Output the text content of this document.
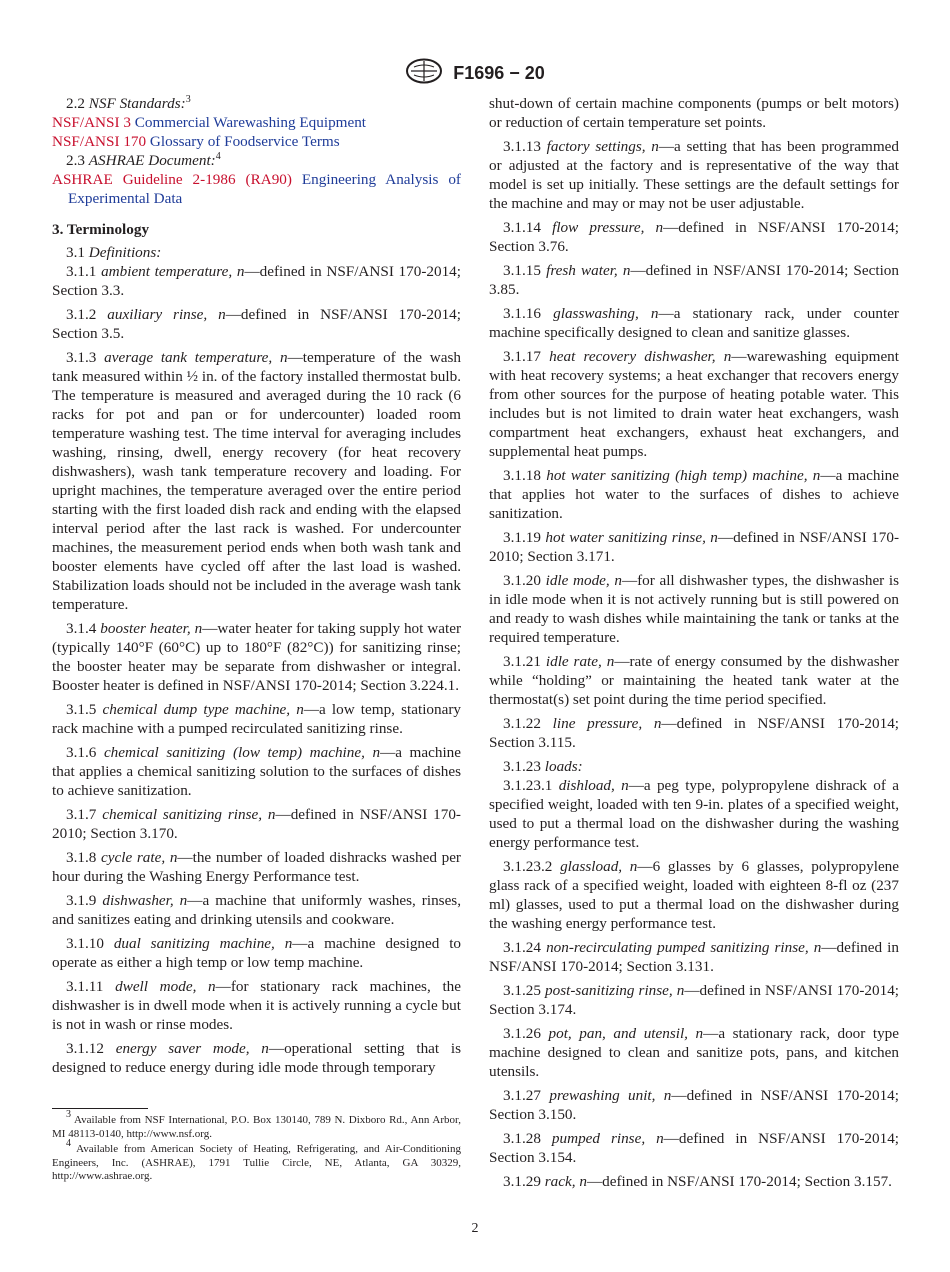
F1696 − 20

2.2 NSF Standards:$^3$

NSF/ANSI 3 Commercial Warewashing Equipment

NSF/ANSI 170 Glossary of Foodservice Terms

2.3 ASHRAE Document:$^4$

ASHRAE Guideline 2-1986 (RA90) Engineering Analysis of Experimental Data

3. Terminology

3.1 Definitions:

3.1.1 ambient temperature, n—defined in NSF/ANSI 170-2014; Section 3.3.

3.1.2 auxiliary rinse, n—defined in NSF/ANSI 170-2014; Section 3.5.

3.1.3 average tank temperature, n—temperature of the wash tank measured within ½ in. of the factory installed thermostat bulb. The temperature is measured and averaged during the 10 rack (6 racks for pot and pan or for undercounter) loaded room temperature washing test. The time interval for averaging includes washing, rinsing, dwell, energy recovery (for heat recovery dishwashers), wash tank temperature recovery and loading. For upright machines, the temperature averaged over the entire period starting with the first loaded dish rack and ending with the elapsed interval period after the last rack is washed. For undercounter machines, the measurement period ends when both wash tank and booster elements have cycled off after the last load is washed. Stabilization loads should not be included in the average wash tank temperature.

3.1.4 booster heater, n—water heater for taking supply hot water (typically 140°F (60°C) up to 180°F (82°C)) for sanitizing rinse; the booster heater may be separate from dishwasher or integral. Booster heater is defined in NSF/ANSI 170-2014; Section 3.224.1.

3.1.5 chemical dump type machine, n—a low temp, stationary rack machine with a pumped recirculated sanitizing rinse.

3.1.6 chemical sanitizing (low temp) machine, n—a machine that applies a chemical sanitizing solution to the surfaces of dishes to achieve sanitization.

3.1.7 chemical sanitizing rinse, n—defined in NSF/ANSI 170-2010; Section 3.170.

3.1.8 cycle rate, n—the number of loaded dishracks washed per hour during the Washing Energy Performance test.

3.1.9 dishwasher, n—a machine that uniformly washes, rinses, and sanitizes eating and drinking utensils and cookware.

3.1.10 dual sanitizing machine, n—a machine designed to operate as either a high temp or low temp machine.

3.1.11 dwell mode, n—for stationary rack machines, the dishwasher is in dwell mode when it is actively running a cycle but is not in wash or rinse modes.

3.1.12 energy saver mode, n—operational setting that is designed to reduce energy during idle mode through temporary

3 Available from NSF International, P.O. Box 130140, 789 N. Dixboro Rd., Ann Arbor, MI 48113-0140, http://www.nsf.org.

4 Available from American Society of Heating, Refrigerating, and Air-Conditioning Engineers, Inc. (ASHRAE), 1791 Tullie Circle, NE, Atlanta, GA 30329, http://www.ashrae.org.

shut-down of certain machine components (pumps or belt motors) or reduction of certain temperature set points.

3.1.13 factory settings, n—a setting that has been programmed or adjusted at the factory and is representative of the way that model is set up initially. These settings are the default settings for the machine and may or may not be user adjustable.

3.1.14 flow pressure, n—defined in NSF/ANSI 170-2014; Section 3.76.

3.1.15 fresh water, n—defined in NSF/ANSI 170-2014; Section 3.85.

3.1.16 glasswashing, n—a stationary rack, under counter machine specifically designed to clean and sanitize glasses.

3.1.17 heat recovery dishwasher, n—warewashing equipment with heat recovery systems; a heat exchanger that recovers energy from other sources for the purpose of heating potable water. This includes but is not limited to drain water heat exchangers, wash compartment heat exchangers, exhaust heat exchangers, and supplemental heat pumps.

3.1.18 hot water sanitizing (high temp) machine, n—a machine that applies hot water to the surfaces of dishes to achieve sanitization.

3.1.19 hot water sanitizing rinse, n—defined in NSF/ANSI 170-2010; Section 3.171.

3.1.20 idle mode, n—for all dishwasher types, the dishwasher is in idle mode when it is not actively running but is still powered on and ready to wash dishes while maintaining the tank or tanks at the required temperature.

3.1.21 idle rate, n—rate of energy consumed by the dishwasher while “holding” or maintaining the heated tank water at the thermostat(s) set point during the time period specified.

3.1.22 line pressure, n—defined in NSF/ANSI 170-2014; Section 3.115.

3.1.23 loads:

3.1.23.1 dishload, n—a peg type, polypropylene dishrack of a specified weight, loaded with ten 9-in. plates of a specified weight, used to put a thermal load on the dishwasher during the washing energy performance test.

3.1.23.2 glassload, n—6 glasses by 6 glasses, polypropylene glass rack of a specified weight, loaded with eighteen 8-fl oz (237 ml) glasses, used to put a thermal load on the dishwasher during the washing energy performance test.

3.1.24 non-recirculating pumped sanitizing rinse, n—defined in NSF/ANSI 170-2014; Section 3.131.

3.1.25 post-sanitizing rinse, n—defined in NSF/ANSI 170-2014; Section 3.174.

3.1.26 pot, pan, and utensil, n—a stationary rack, door type machine designed to clean and sanitize pots, pans, and kitchen utensils.

3.1.27 prewashing unit, n—defined in NSF/ANSI 170-2014; Section 3.150.

3.1.28 pumped rinse, n—defined in NSF/ANSI 170-2014; Section 3.154.

3.1.29 rack, n—defined in NSF/ANSI 170-2014; Section 3.157.

2
